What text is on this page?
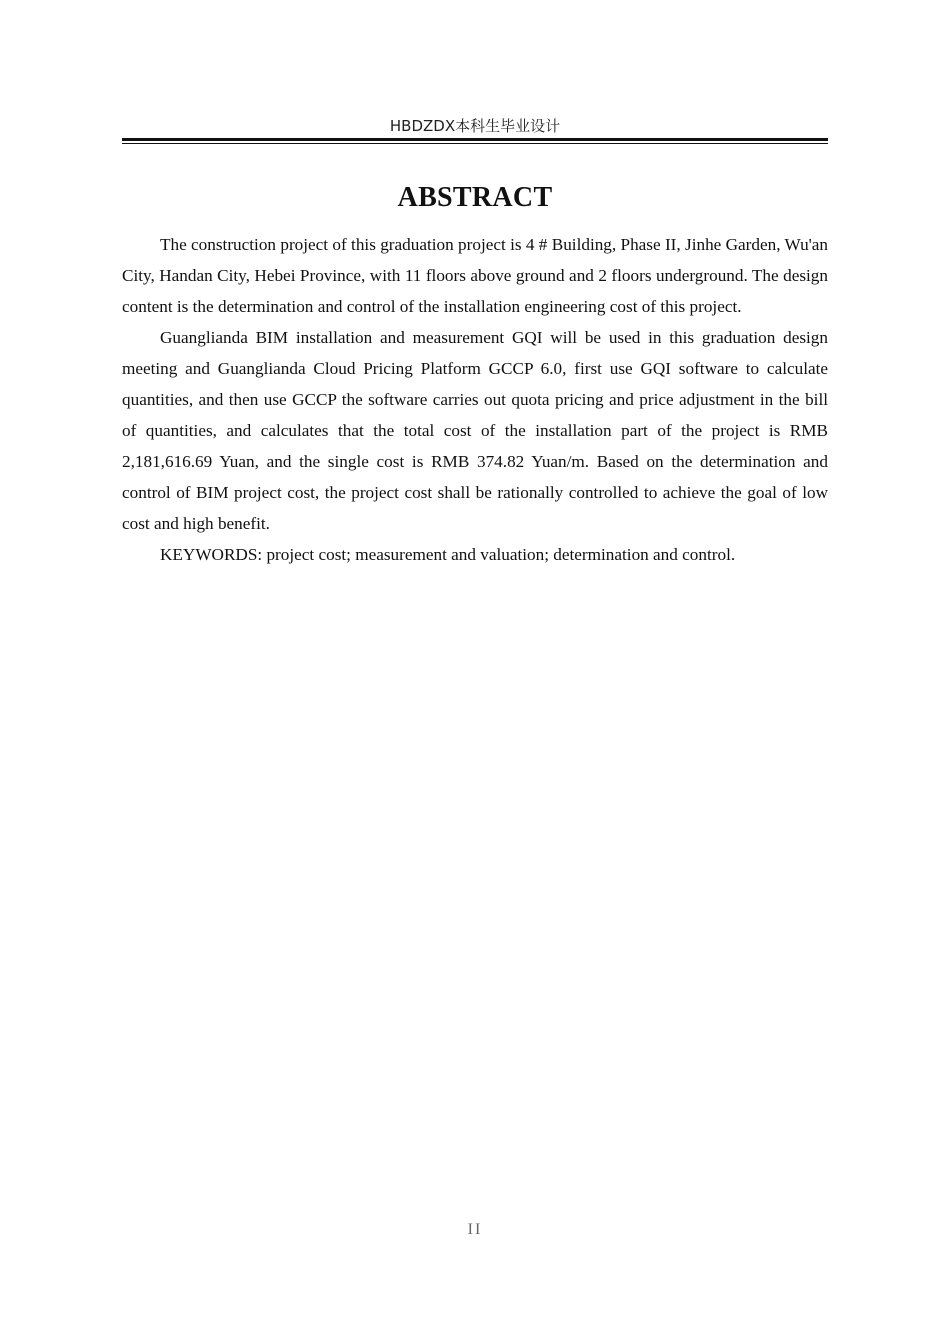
HBDZDX本科生毕业设计
ABSTRACT

The construction project of this graduation project is 4 # Building, Phase II, Jinhe Garden, Wu'an City, Handan City, Hebei Province, with 11 floors above ground and 2 floors underground. The design content is the determination and control of the installation engineering cost of this project.

Guanglianda BIM installation and measurement GQI will be used in this graduation design meeting and Guanglianda Cloud Pricing Platform GCCP 6.0, first use GQI software to calculate quantities, and then use GCCP the software carries out quota pricing and price adjustment in the bill of quantities, and calculates that the total cost of the installation part of the project is RMB 2,181,616.69 Yuan, and the single cost is RMB 374.82 Yuan/m. Based on the determination and control of BIM project cost, the project cost shall be rationally controlled to achieve the goal of low cost and high benefit.

KEYWORDS: project cost; measurement and valuation; determination and control.

II
